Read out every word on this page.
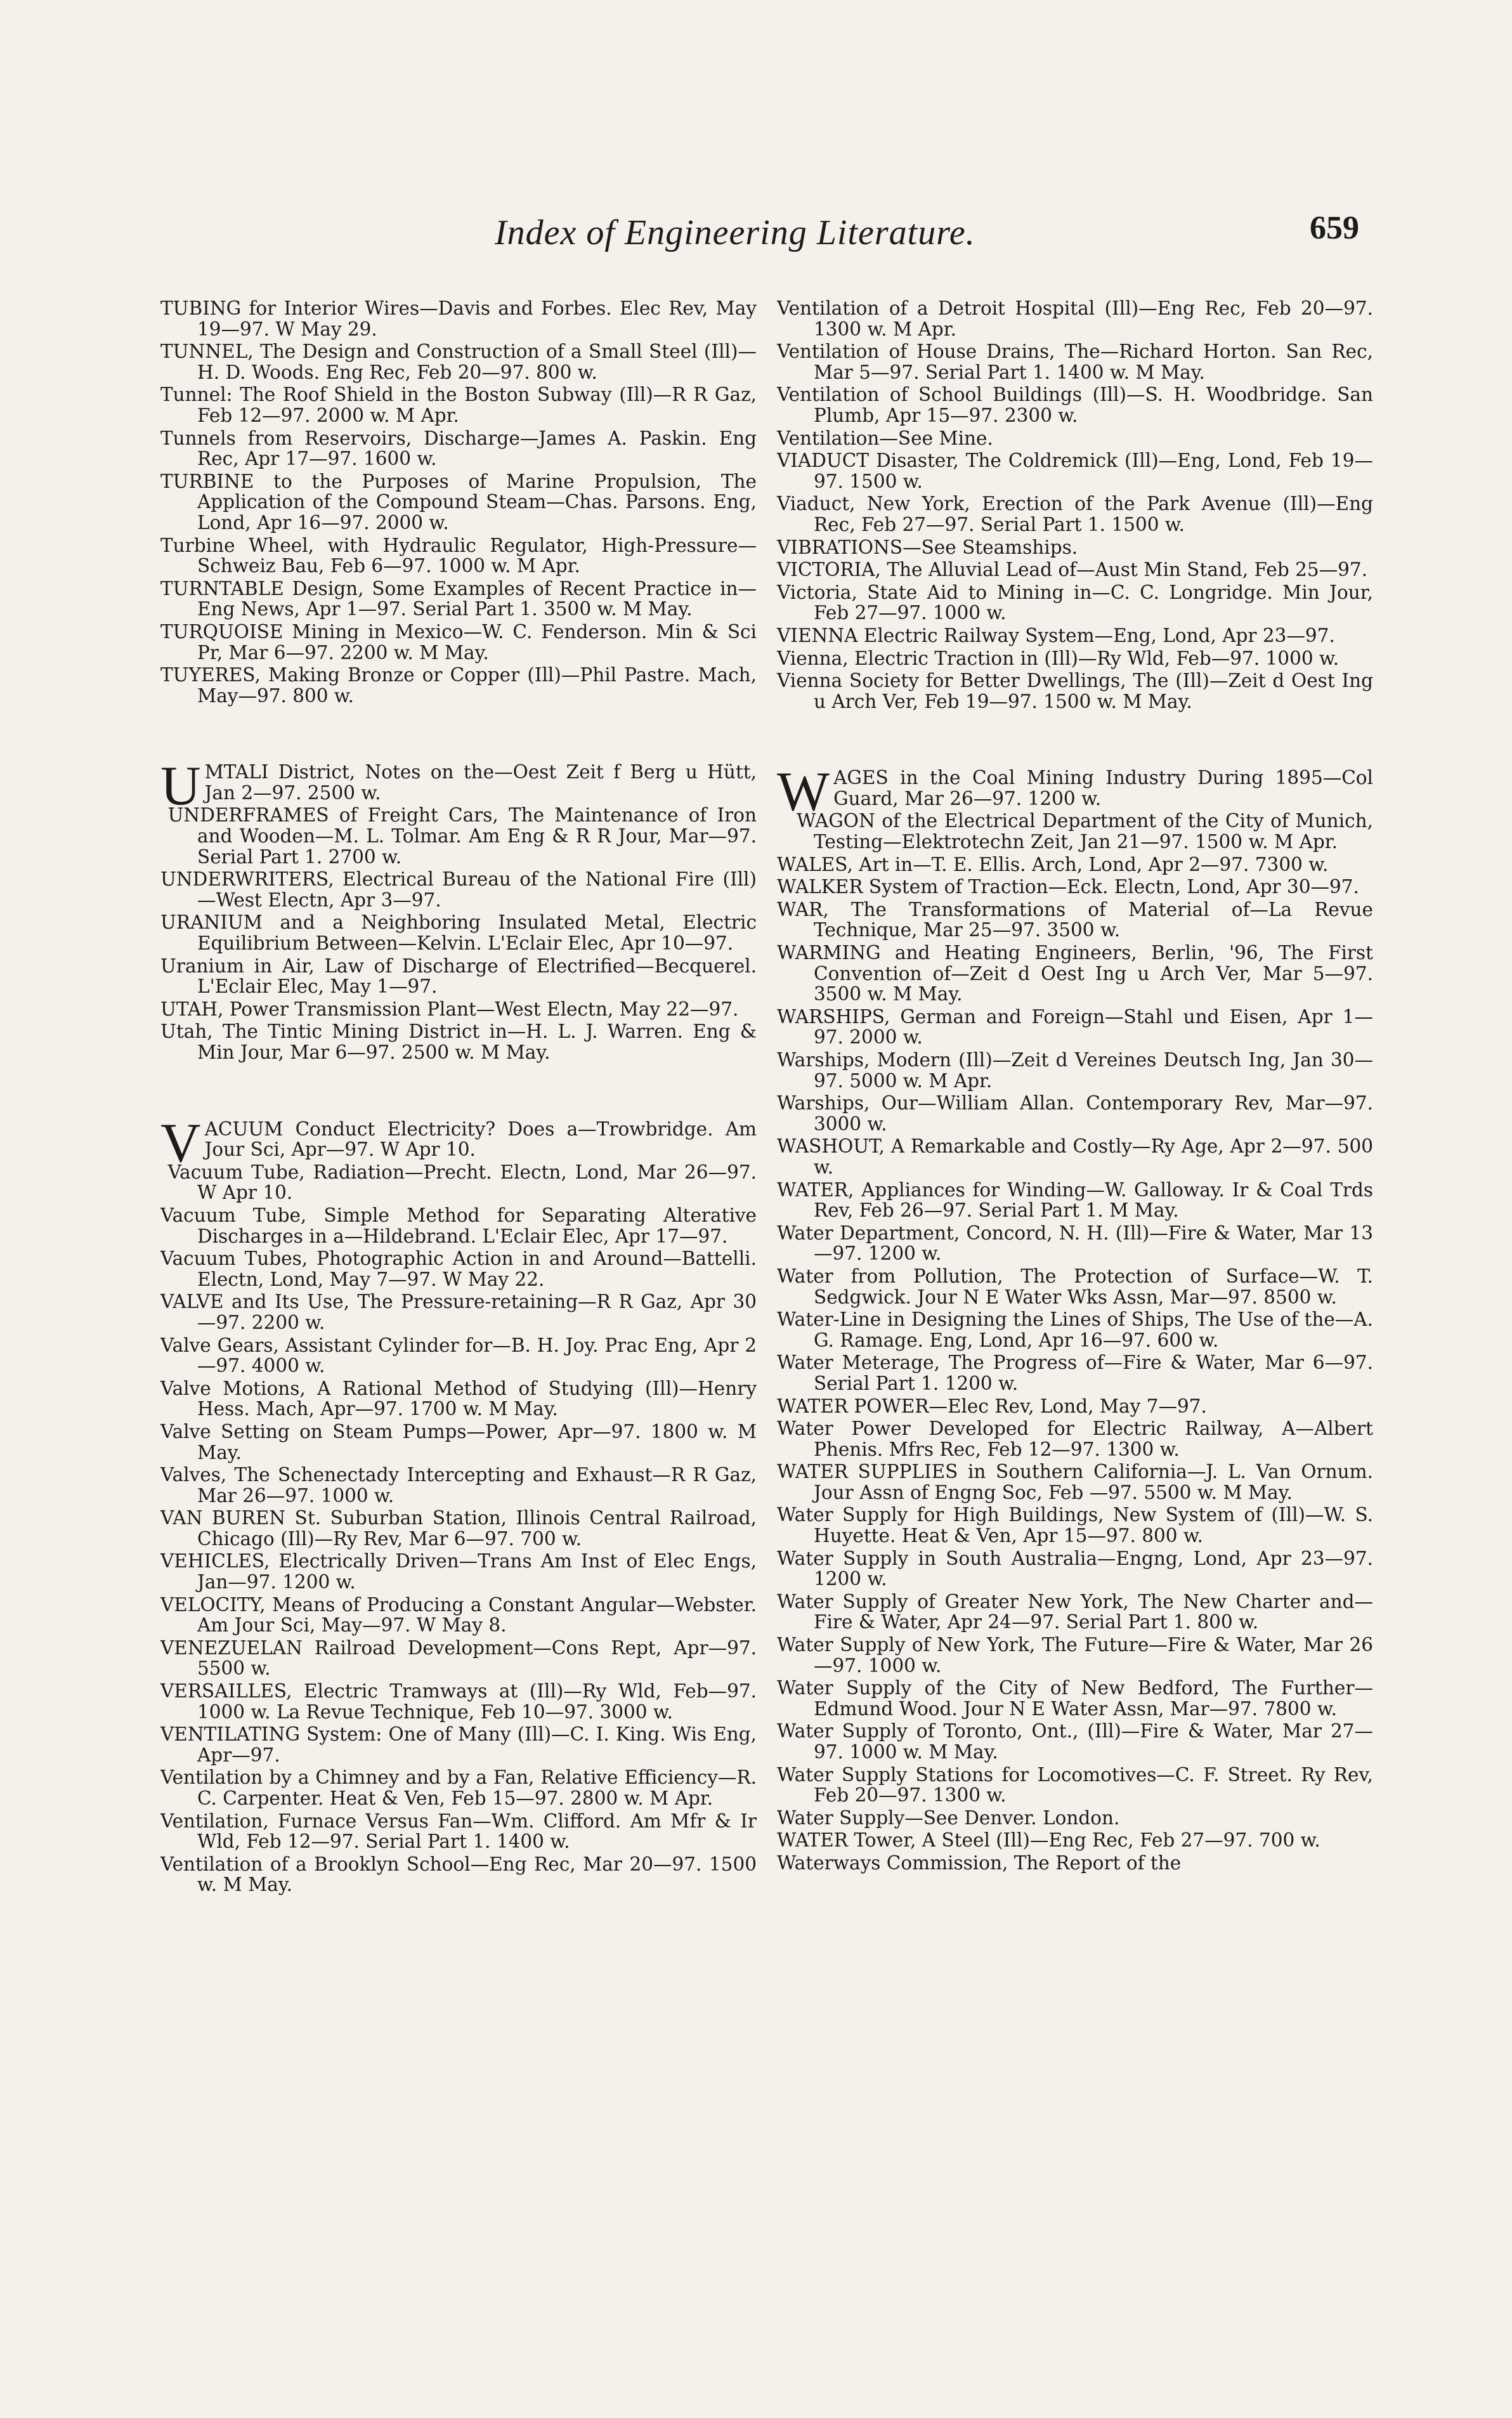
Index of Engineering Literature.	659

TUBING for Interior Wires—Davis and Forbes. Elec Rev, May 19—97. W May 29.

TUNNEL, The Design and Construction of a Small Steel (Ill)—H. D. Woods. Eng Rec, Feb 20—97. 800 w.

Tunnel: The Roof Shield in the Boston Subway (Ill)—R R Gaz, Feb 12—97. 2000 w. M Apr.

Tunnels from Reservoirs, Discharge—James A. Paskin. Eng Rec, Apr 17—97. 1600 w.

TURBINE to the Purposes of Marine Propulsion, The Application of the Compound Steam—Chas. Parsons. Eng, Lond, Apr 16—97. 2000 w.

Turbine Wheel, with Hydraulic Regulator, High-Pressure—Schweiz Bau, Feb 6—97. 1000 w. M Apr.

TURNTABLE Design, Some Examples of Recent Practice in—Eng News, Apr 1—97. Serial Part 1. 3500 w. M May.

TURQUOISE Mining in Mexico—W. C. Fenderson. Min & Sci Pr, Mar 6—97. 2200 w. M May.

TUYERES, Making Bronze or Copper (Ill)—Phil Pastre. Mach, May—97. 800 w.

UMTALI District, Notes on the—Oest Zeit f Berg u Hütt, Jan 2—97. 2500 w.

UNDERFRAMES of Freight Cars, The Maintenance of Iron and Wooden—M. L. Tolmar. Am Eng & R R Jour, Mar—97. Serial Part 1. 2700 w.

UNDERWRITERS, Electrical Bureau of the National Fire (Ill)—West Electn, Apr 3—97.

URANIUM and a Neighboring Insulated Metal, Electric Equilibrium Between—Kelvin. L'Eclair Elec, Apr 10—97.

Uranium in Air, Law of Discharge of Electrified—Becquerel. L'Eclair Elec, May 1—97.

UTAH, Power Transmission Plant—West Electn, May 22—97.

Utah, The Tintic Mining District in—H. L. J. Warren. Eng & Min Jour, Mar 6—97. 2500 w. M May.

VACUUM Conduct Electricity? Does a—Trowbridge. Am Jour Sci, Apr—97. W Apr 10.

Vacuum Tube, Radiation—Precht. Electn, Lond, Mar 26—97. W Apr 10.

Vacuum Tube, Simple Method for Separating Alterative Discharges in a—Hildebrand. L'Eclair Elec, Apr 17—97.

Vacuum Tubes, Photographic Action in and Around—Battelli. Electn, Lond, May 7—97. W May 22.

VALVE and Its Use, The Pressure-retaining—R R Gaz, Apr 30—97. 2200 w.

Valve Gears, Assistant Cylinder for—B. H. Joy. Prac Eng, Apr 2—97. 4000 w.

Valve Motions, A Rational Method of Studying (Ill)—Henry Hess. Mach, Apr—97. 1700 w. M May.

Valve Setting on Steam Pumps—Power, Apr—97. 1800 w. M May.

Valves, The Schenectady Intercepting and Exhaust—R R Gaz, Mar 26—97. 1000 w.

VAN BUREN St. Suburban Station, Illinois Central Railroad, Chicago (Ill)—Ry Rev, Mar 6—97. 700 w.

VEHICLES, Electrically Driven—Trans Am Inst of Elec Engs, Jan—97. 1200 w.

VELOCITY, Means of Producing a Constant Angular—Webster. Am Jour Sci, May—97. W May 8.

VENEZUELAN Railroad Development—Cons Rept, Apr—97. 5500 w.

VERSAILLES, Electric Tramways at (Ill)—Ry Wld, Feb—97. 1000 w. La Revue Technique, Feb 10—97. 3000 w.

VENTILATING System: One of Many (Ill)—C. I. King. Wis Eng, Apr—97.

Ventilation by a Chimney and by a Fan, Relative Efficiency—R. C. Carpenter. Heat & Ven, Feb 15—97. 2800 w. M Apr.

Ventilation, Furnace Versus Fan—Wm. Clifford. Am Mfr & Ir Wld, Feb 12—97. Serial Part 1. 1400 w.

Ventilation of a Brooklyn School—Eng Rec, Mar 20—97. 1500 w. M May.

Ventilation of a Detroit Hospital (Ill)—Eng Rec, Feb 20—97. 1300 w. M Apr.

Ventilation of House Drains, The—Richard Horton. San Rec, Mar 5—97. Serial Part 1. 1400 w. M May.

Ventilation of School Buildings (Ill)—S. H. Woodbridge. San Plumb, Apr 15—97. 2300 w.

Ventilation—See Mine.

VIADUCT Disaster, The Coldremick (Ill)—Eng, Lond, Feb 19—97. 1500 w.

Viaduct, New York, Erection of the Park Avenue (Ill)—Eng Rec, Feb 27—97. Serial Part 1. 1500 w.

VIBRATIONS—See Steamships.

VICTORIA, The Alluvial Lead of—Aust Min Stand, Feb 25—97.

Victoria, State Aid to Mining in—C. C. Longridge. Min Jour, Feb 27—97. 1000 w.

VIENNA Electric Railway System—Eng, Lond, Apr 23—97.

Vienna, Electric Traction in (Ill)—Ry Wld, Feb—97. 1000 w.

Vienna Society for Better Dwellings, The (Ill)—Zeit d Oest Ing u Arch Ver, Feb 19—97. 1500 w. M May.

WAGES in the Coal Mining Industry During 1895—Col Guard, Mar 26—97. 1200 w.

WAGON of the Electrical Department of the City of Munich, Testing—Elektrotechn Zeit, Jan 21—97. 1500 w. M Apr.

WALES, Art in—T. E. Ellis. Arch, Lond, Apr 2—97. 7300 w.

WALKER System of Traction—Eck. Electn, Lond, Apr 30—97.

WAR, The Transformations of Material of—La Revue Technique, Mar 25—97. 3500 w.

WARMING and Heating Engineers, Berlin, '96, The First Convention of—Zeit d Oest Ing u Arch Ver, Mar 5—97. 3500 w. M May.

WARSHIPS, German and Foreign—Stahl und Eisen, Apr 1—97. 2000 w.

Warships, Modern (Ill)—Zeit d Vereines Deutsch Ing, Jan 30—97. 5000 w. M Apr.

Warships, Our—William Allan. Contemporary Rev, Mar—97. 3000 w.

WASHOUT, A Remarkable and Costly—Ry Age, Apr 2—97. 500 w.

WATER, Appliances for Winding—W. Galloway. Ir & Coal Trds Rev, Feb 26—97. Serial Part 1. M May.

Water Department, Concord, N. H. (Ill)—Fire & Water, Mar 13—97. 1200 w.

Water from Pollution, The Protection of Surface—W. T. Sedgwick. Jour N E Water Wks Assn, Mar—97. 8500 w.

Water-Line in Designing the Lines of Ships, The Use of the—A. G. Ramage. Eng, Lond, Apr 16—97. 600 w.

Water Meterage, The Progress of—Fire & Water, Mar 6—97. Serial Part 1. 1200 w.

WATER POWER—Elec Rev, Lond, May 7—97.

Water Power Developed for Electric Railway, A—Albert Phenis. Mfrs Rec, Feb 12—97. 1300 w.

WATER SUPPLIES in Southern California—J. L. Van Ornum. Jour Assn of Engng Soc, Feb —97. 5500 w. M May.

Water Supply for High Buildings, New System of (Ill)—W. S. Huyette. Heat & Ven, Apr 15—97. 800 w.

Water Supply in South Australia—Engng, Lond, Apr 23—97. 1200 w.

Water Supply of Greater New York, The New Charter and—Fire & Water, Apr 24—97. Serial Part 1. 800 w.

Water Supply of New York, The Future—Fire & Water, Mar 26—97. 1000 w.

Water Supply of the City of New Bedford, The Further—Edmund Wood. Jour N E Water Assn, Mar—97. 7800 w.

Water Supply of Toronto, Ont., (Ill)—Fire & Water, Mar 27—97. 1000 w. M May.

Water Supply Stations for Locomotives—C. F. Street. Ry Rev, Feb 20—97. 1300 w.

Water Supply—See Denver. London.

WATER Tower, A Steel (Ill)—Eng Rec, Feb 27—97. 700 w.

Waterways Commission, The Report of the
